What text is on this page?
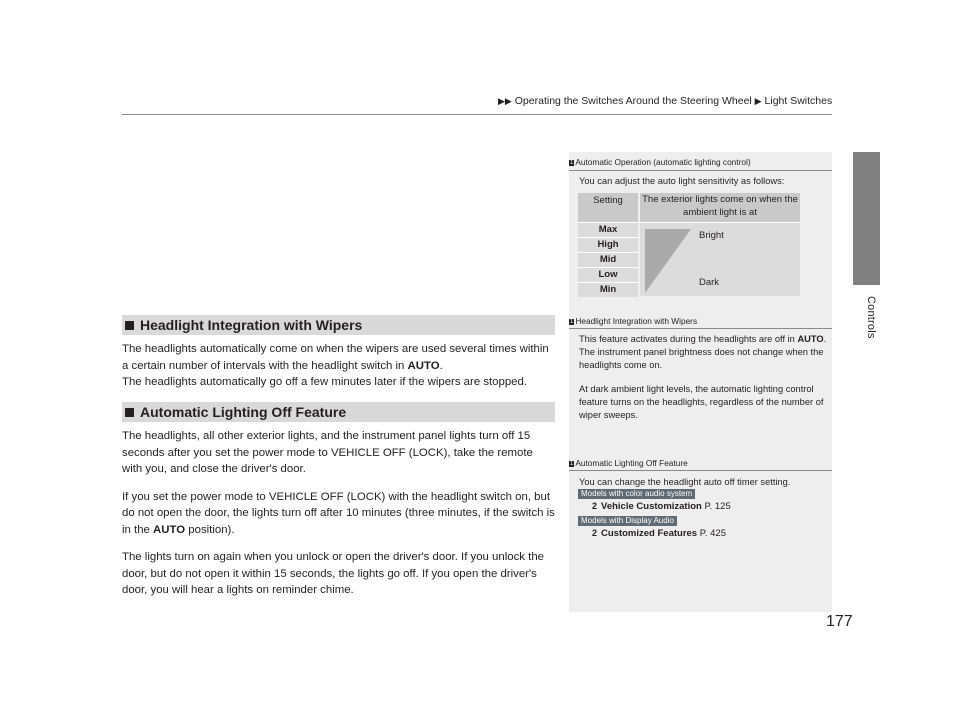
▶▶ Operating the Switches Around the Steering Wheel ▶ Light Switches
Controls
Headlight Integration with Wipers

The headlights automatically come on when the wipers are used several times within a certain number of intervals with the headlight switch in AUTO.

The headlights automatically go off a few minutes later if the wipers are stopped.

Automatic Lighting Off Feature

The headlights, all other exterior lights, and the instrument panel lights turn off 15 seconds after you set the power mode to VEHICLE OFF (LOCK), take the remote with you, and close the driver's door.

If you set the power mode to VEHICLE OFF (LOCK) with the headlight switch on, but do not open the door, the lights turn off after 10 minutes (three minutes, if the switch is in the AUTO position).

The lights turn on again when you unlock or open the driver's door. If you unlock the door, but do not open it within 15 seconds, the lights go off. If you open the driver's door, you will hear a lights on reminder chime.

1 Automatic Operation (automatic lighting control)
You can adjust the auto light sensitivity as follows:
Setting	The exterior lights come on when the ambient light is at
Max
High
Mid
Low
Min
Bright
Dark
1 Headlight Integration with Wipers

This feature activates during the headlights are off in AUTO.

The instrument panel brightness does not change when the headlights come on.

At dark ambient light levels, the automatic lighting control feature turns on the headlights, regardless of the number of wiper sweeps.

1 Automatic Lighting Off Feature
You can change the headlight auto off timer setting.
Models with color audio system
2 Vehicle Customization P. 125
Models with Display Audio
2 Customized Features P. 425
177
